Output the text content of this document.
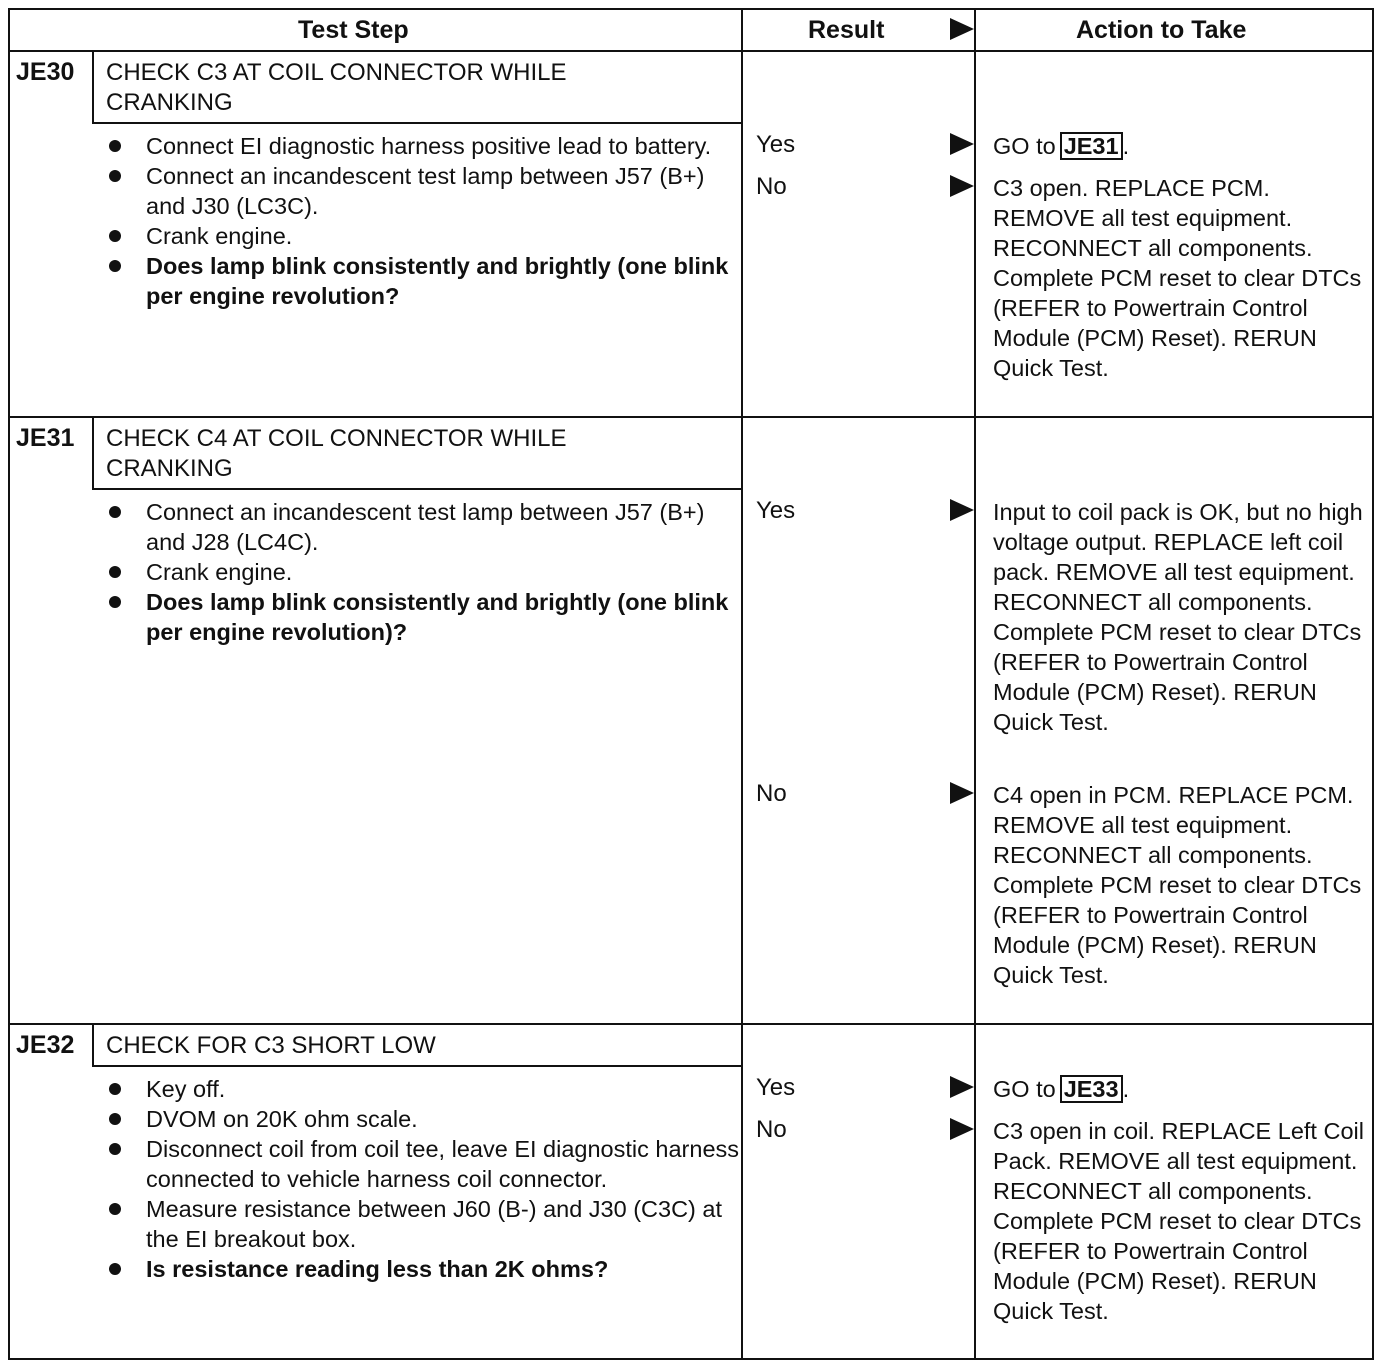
Test Step	Result	Action to Take
JE30 CHECK C3 AT COIL CONNECTOR WHILE CRANKING
Connect EI diagnostic harness positive lead to battery.
Connect an incandescent test lamp between J57 (B+) and J30 (LC3C).
Crank engine.
Does lamp blink consistently and brightly (one blink per engine revolution?
Yes	GO to JE31 .
No	C3 open. REPLACE PCM. REMOVE all test equipment. RECONNECT all components. Complete PCM reset to clear DTCs (REFER to Powertrain Control Module (PCM) Reset). RERUN Quick Test.
JE31 CHECK C4 AT COIL CONNECTOR WHILE CRANKING
Connect an incandescent test lamp between J57 (B+) and J28 (LC4C).
Crank engine.
Does lamp blink consistently and brightly (one blink per engine revolution)?
Yes	Input to coil pack is OK, but no high voltage output. REPLACE left coil pack. REMOVE all test equipment. RECONNECT all components. Complete PCM reset to clear DTCs (REFER to Powertrain Control Module (PCM) Reset). RERUN Quick Test.
No	C4 open in PCM. REPLACE PCM. REMOVE all test equipment. RECONNECT all components. Complete PCM reset to clear DTCs (REFER to Powertrain Control Module (PCM) Reset). RERUN Quick Test.
JE32 CHECK FOR C3 SHORT LOW
Key off.
DVOM on 20K ohm scale.
Disconnect coil from coil tee, leave EI diagnostic harness connected to vehicle harness coil connector.
Measure resistance between J60 (B-) and J30 (C3C) at the EI breakout box.
Is resistance reading less than 2K ohms?
Yes	GO to JE33 .
No	C3 open in coil. REPLACE Left Coil Pack. REMOVE all test equipment. RECONNECT all components. Complete PCM reset to clear DTCs (REFER to Powertrain Control Module (PCM) Reset). RERUN Quick Test.
